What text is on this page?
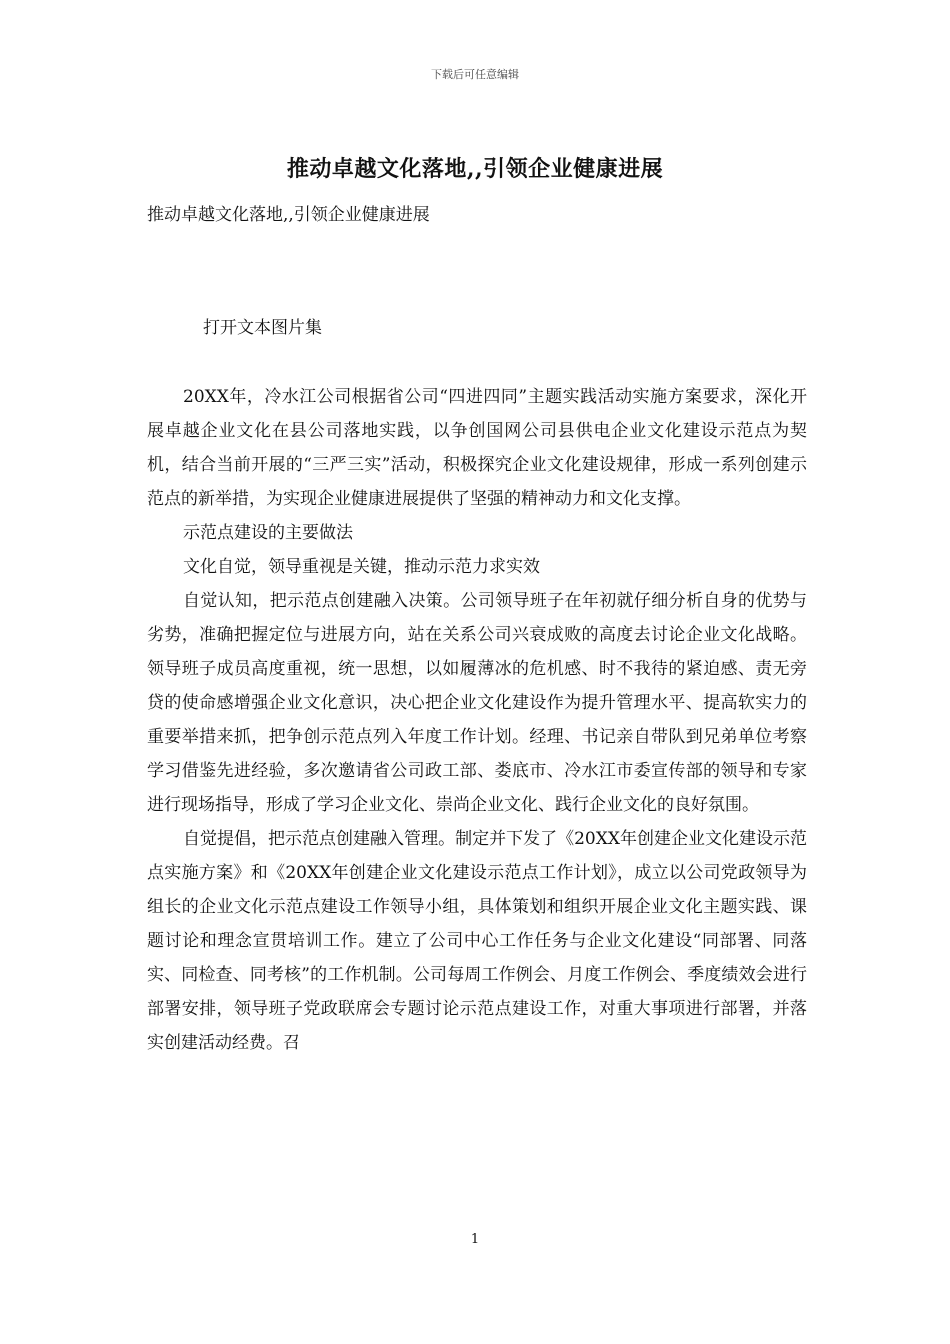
下载后可任意编辑
推动卓越文化落地,,引领企业健康进展
推动卓越文化落地,,引领企业健康进展
打开文本图片集

20XX年，冷水江公司根据省公司“四进四同”主题实践活动实施方案要求，深化开展卓越企业文化在县公司落地实践，以争创国网公司县供电企业文化建设示范点为契机，结合当前开展的“三严三实”活动，积极探究企业文化建设规律，形成一系列创建示范点的新举措，为实现企业健康进展提供了坚强的精神动力和文化支撑。

示范点建设的主要做法

文化自觉，领导重视是关键，推动示范力求实效

自觉认知，把示范点创建融入决策。公司领导班子在年初就仔细分析自身的优势与劣势，准确把握定位与进展方向，站在关系公司兴衰成败的高度去讨论企业文化战略。领导班子成员高度重视，统一思想，以如履薄冰的危机感、时不我待的紧迫感、责无旁贷的使命感增强企业文化意识，决心把企业文化建设作为提升管理水平、提高软实力的重要举措来抓，把争创示范点列入年度工作计划。经理、书记亲自带队到兄弟单位考察学习借鉴先进经验，多次邀请省公司政工部、娄底市、冷水江市委宣传部的领导和专家进行现场指导，形成了学习企业文化、崇尚企业文化、践行企业文化的良好氛围。

自觉提倡，把示范点创建融入管理。制定并下发了《20XX年创建企业文化建设示范点实施方案》和《20XX年创建企业文化建设示范点工作计划》，成立以公司党政领导为组长的企业文化示范点建设工作领导小组，具体策划和组织开展企业文化主题实践、课题讨论和理念宣贯培训工作。建立了公司中心工作任务与企业文化建设“同部署、同落实、同检查、同考核”的工作机制。公司每周工作例会、月度工作例会、季度绩效会进行部署安排，领导班子党政联席会专题讨论示范点建设工作，对重大事项进行部署，并落实创建活动经费。召

1
